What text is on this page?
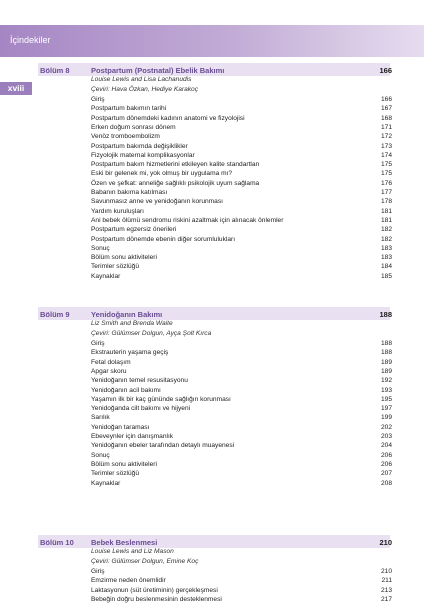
İçindekiler
xviii
Bölüm 8	Postpartum (Postnatal) Ebelik Bakımı	166
Louise Lewis and Lisa Lachanudis
Çeviri: Hava Özkan, Hediye Karakoç
Giriş	166
Postpartum bakımın tarihi	167
Postpartum dönemdeki kadının anatomi ve fizyolojisi	168
Erken doğum sonrası dönem	171
Venöz tromboembolizm	172
Postpartum bakımda değişiklikler	173
Fizyolojik maternal komplikasyonlar	174
Postpartum bakım hizmetlerini etkileyen kalite standartları	175
Eski bir gelenek mi, yok olmuş bir uygulama mı?	175
Özen ve şefkat: anneliğe sağlıklı psikolojik uyum sağlama	176
Babanın bakıma katılması	177
Savunmasız anne ve yenidoğanın korunması	178
Yardım kuruluşları	181
Ani bebek ölümü sendromu riskini azaltmak için alınacak önlemler	181
Postpartum egzersiz önerileri	182
Postpartum dönemde ebenin diğer sorumlulukları	182
Sonuç	183
Bölüm sonu aktiviteleri	183
Terimler sözlüğü	184
Kaynaklar	185
Bölüm 9	Yenidoğanın Bakımı	188
Liz Smith and Brenda Waite
Çeviri: Gülümser Dolgun, Ayça Şolt Kırca
Giriş	188
Ekstrauterin yaşama geçiş	188
Fetal dolaşım	189
Apgar skoru	189
Yenidoğanın temel resusitasyonu	192
Yenidoğanın acil bakımı	193
Yaşamın ilk bir kaç gününde sağlığın korunması	195
Yenidoğanda cilt bakımı ve hijyeni	197
Sarılık	199
Yenidoğan taraması	202
Ebeveynler için danışmanlık	203
Yenidoğanın ebeler tarafından detaylı muayenesi	204
Sonuç	206
Bölüm sonu aktiviteleri	206
Terimler sözlüğü	207
Kaynaklar	208
Bölüm 10 Bebek Beslenmesi	210
Louise Lewis and Liz Mason
Çeviri: Gülümser Dolgun, Emine Koç
Giriş	210
Emzirme neden önemlidir	211
Laktasyonun (süt üretiminin) gerçekleşmesi	213
Bebeğin doğru beslenmesinin desteklenmesi	217
